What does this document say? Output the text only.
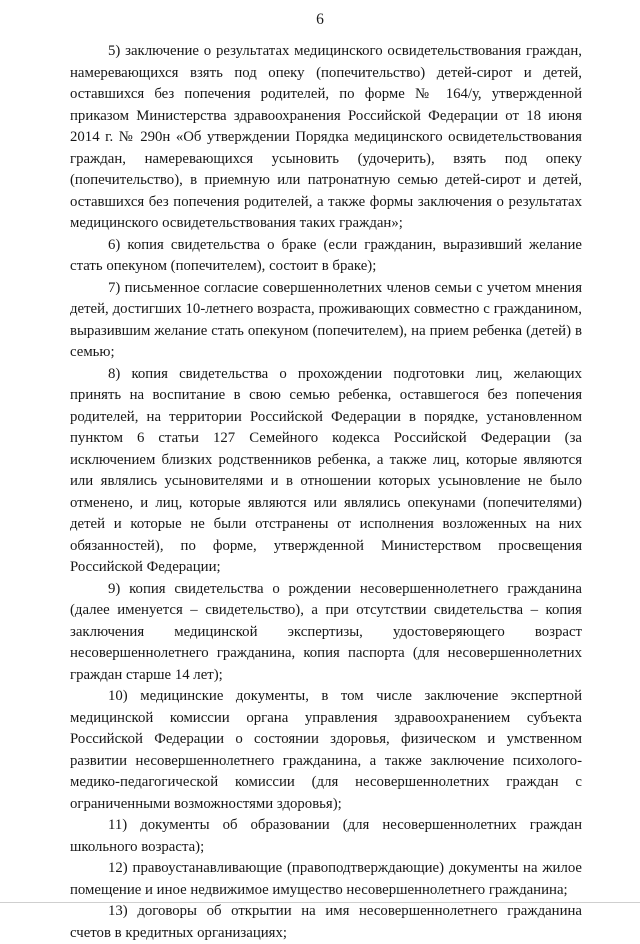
6

5) заключение о результатах медицинского освидетельствования граждан, намеревающихся взять под опеку (попечительство) детей-сирот и детей, оставшихся без попечения родителей, по форме № 164/у, утвержденной приказом Министерства здравоохранения Российской Федерации от 18 июня 2014 г. № 290н «Об утверждении Порядка медицинского освидетельствования граждан, намеревающихся усыновить (удочерить), взять под опеку (попечительство), в приемную или патронатную семью детей-сирот и детей, оставшихся без попечения родителей, а также формы заключения о результатах медицинского освидетельствования таких граждан»;

6) копия свидетельства о браке (если гражданин, выразивший желание стать опекуном (попечителем), состоит в браке);

7) письменное согласие совершеннолетних членов семьи с учетом мнения детей, достигших 10-летнего возраста, проживающих совместно с гражданином, выразившим желание стать опекуном (попечителем), на прием ребенка (детей) в семью;

8) копия свидетельства о прохождении подготовки лиц, желающих принять на воспитание в свою семью ребенка, оставшегося без попечения родителей, на территории Российской Федерации в порядке, установленном пунктом 6 статьи 127 Семейного кодекса Российской Федерации (за исключением близких родственников ребенка, а также лиц, которые являются или являлись усыновителями и в отношении которых усыновление не было отменено, и лиц, которые являются или являлись опекунами (попечителями) детей и которые не были отстранены от исполнения возложенных на них обязанностей), по форме, утвержденной Министерством просвещения Российской Федерации;

9) копия свидетельства о рождении несовершеннолетнего гражданина (далее именуется – свидетельство), а при отсутствии свидетельства – копия заключения медицинской экспертизы, удостоверяющего возраст несовершеннолетнего гражданина, копия паспорта (для несовершеннолетних граждан старше 14 лет);

10) медицинские документы, в том числе заключение экспертной медицинской комиссии органа управления здравоохранением субъекта Российской Федерации о состоянии здоровья, физическом и умственном развитии несовершеннолетнего гражданина, а также заключение психолого-медико-педагогической комиссии (для несовершеннолетних граждан с ограниченными возможностями здоровья);

11) документы об образовании (для несовершеннолетних граждан школьного возраста);

12) правоустанавливающие (правоподтверждающие) документы на жилое помещение и иное недвижимое имущество несовершеннолетнего гражданина;

13) договоры об открытии на имя несовершеннолетнего гражданина счетов в кредитных организациях;
